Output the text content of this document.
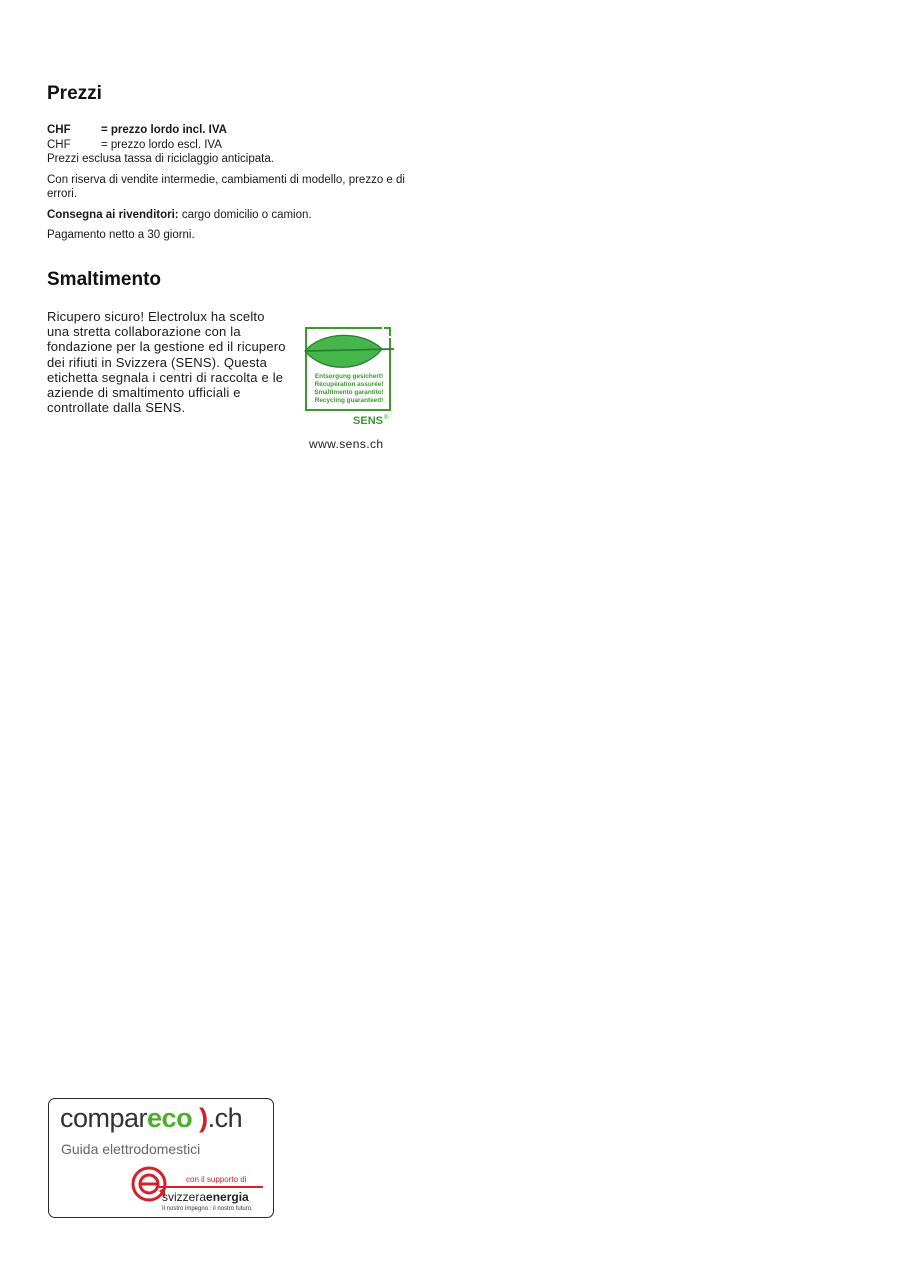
Prezzi
CHF	= prezzo lordo incl. IVA
CHF	= prezzo lordo escl. IVA
Prezzi esclusa tassa di riciclaggio anticipata.
Con riserva di vendite intermedie, cambiamenti di modello, prezzo e di errori.
Consegna ai rivenditori: cargo domicilio o camion.
Pagamento netto a 30 giorni.
Smaltimento
Ricupero sicuro! Electrolux ha scelto una stretta collaborazione con la fondazione per la gestione ed il ricupero dei rifiuti in Svizzera (SENS). Questa etichetta segnala i centri di raccolta e le aziende di smaltimento ufficiali e controllate dalla SENS.
Entsorgung gesichert!
Récupération assurée!
Smaltimento garantito!
Recycling guaranteed!
SENS ®
www.sens.ch
compareco ).ch
Guida elettrodomestici
con il supporto di
svizzeraenergia
Il nostro impegno : il nostro futuro.
